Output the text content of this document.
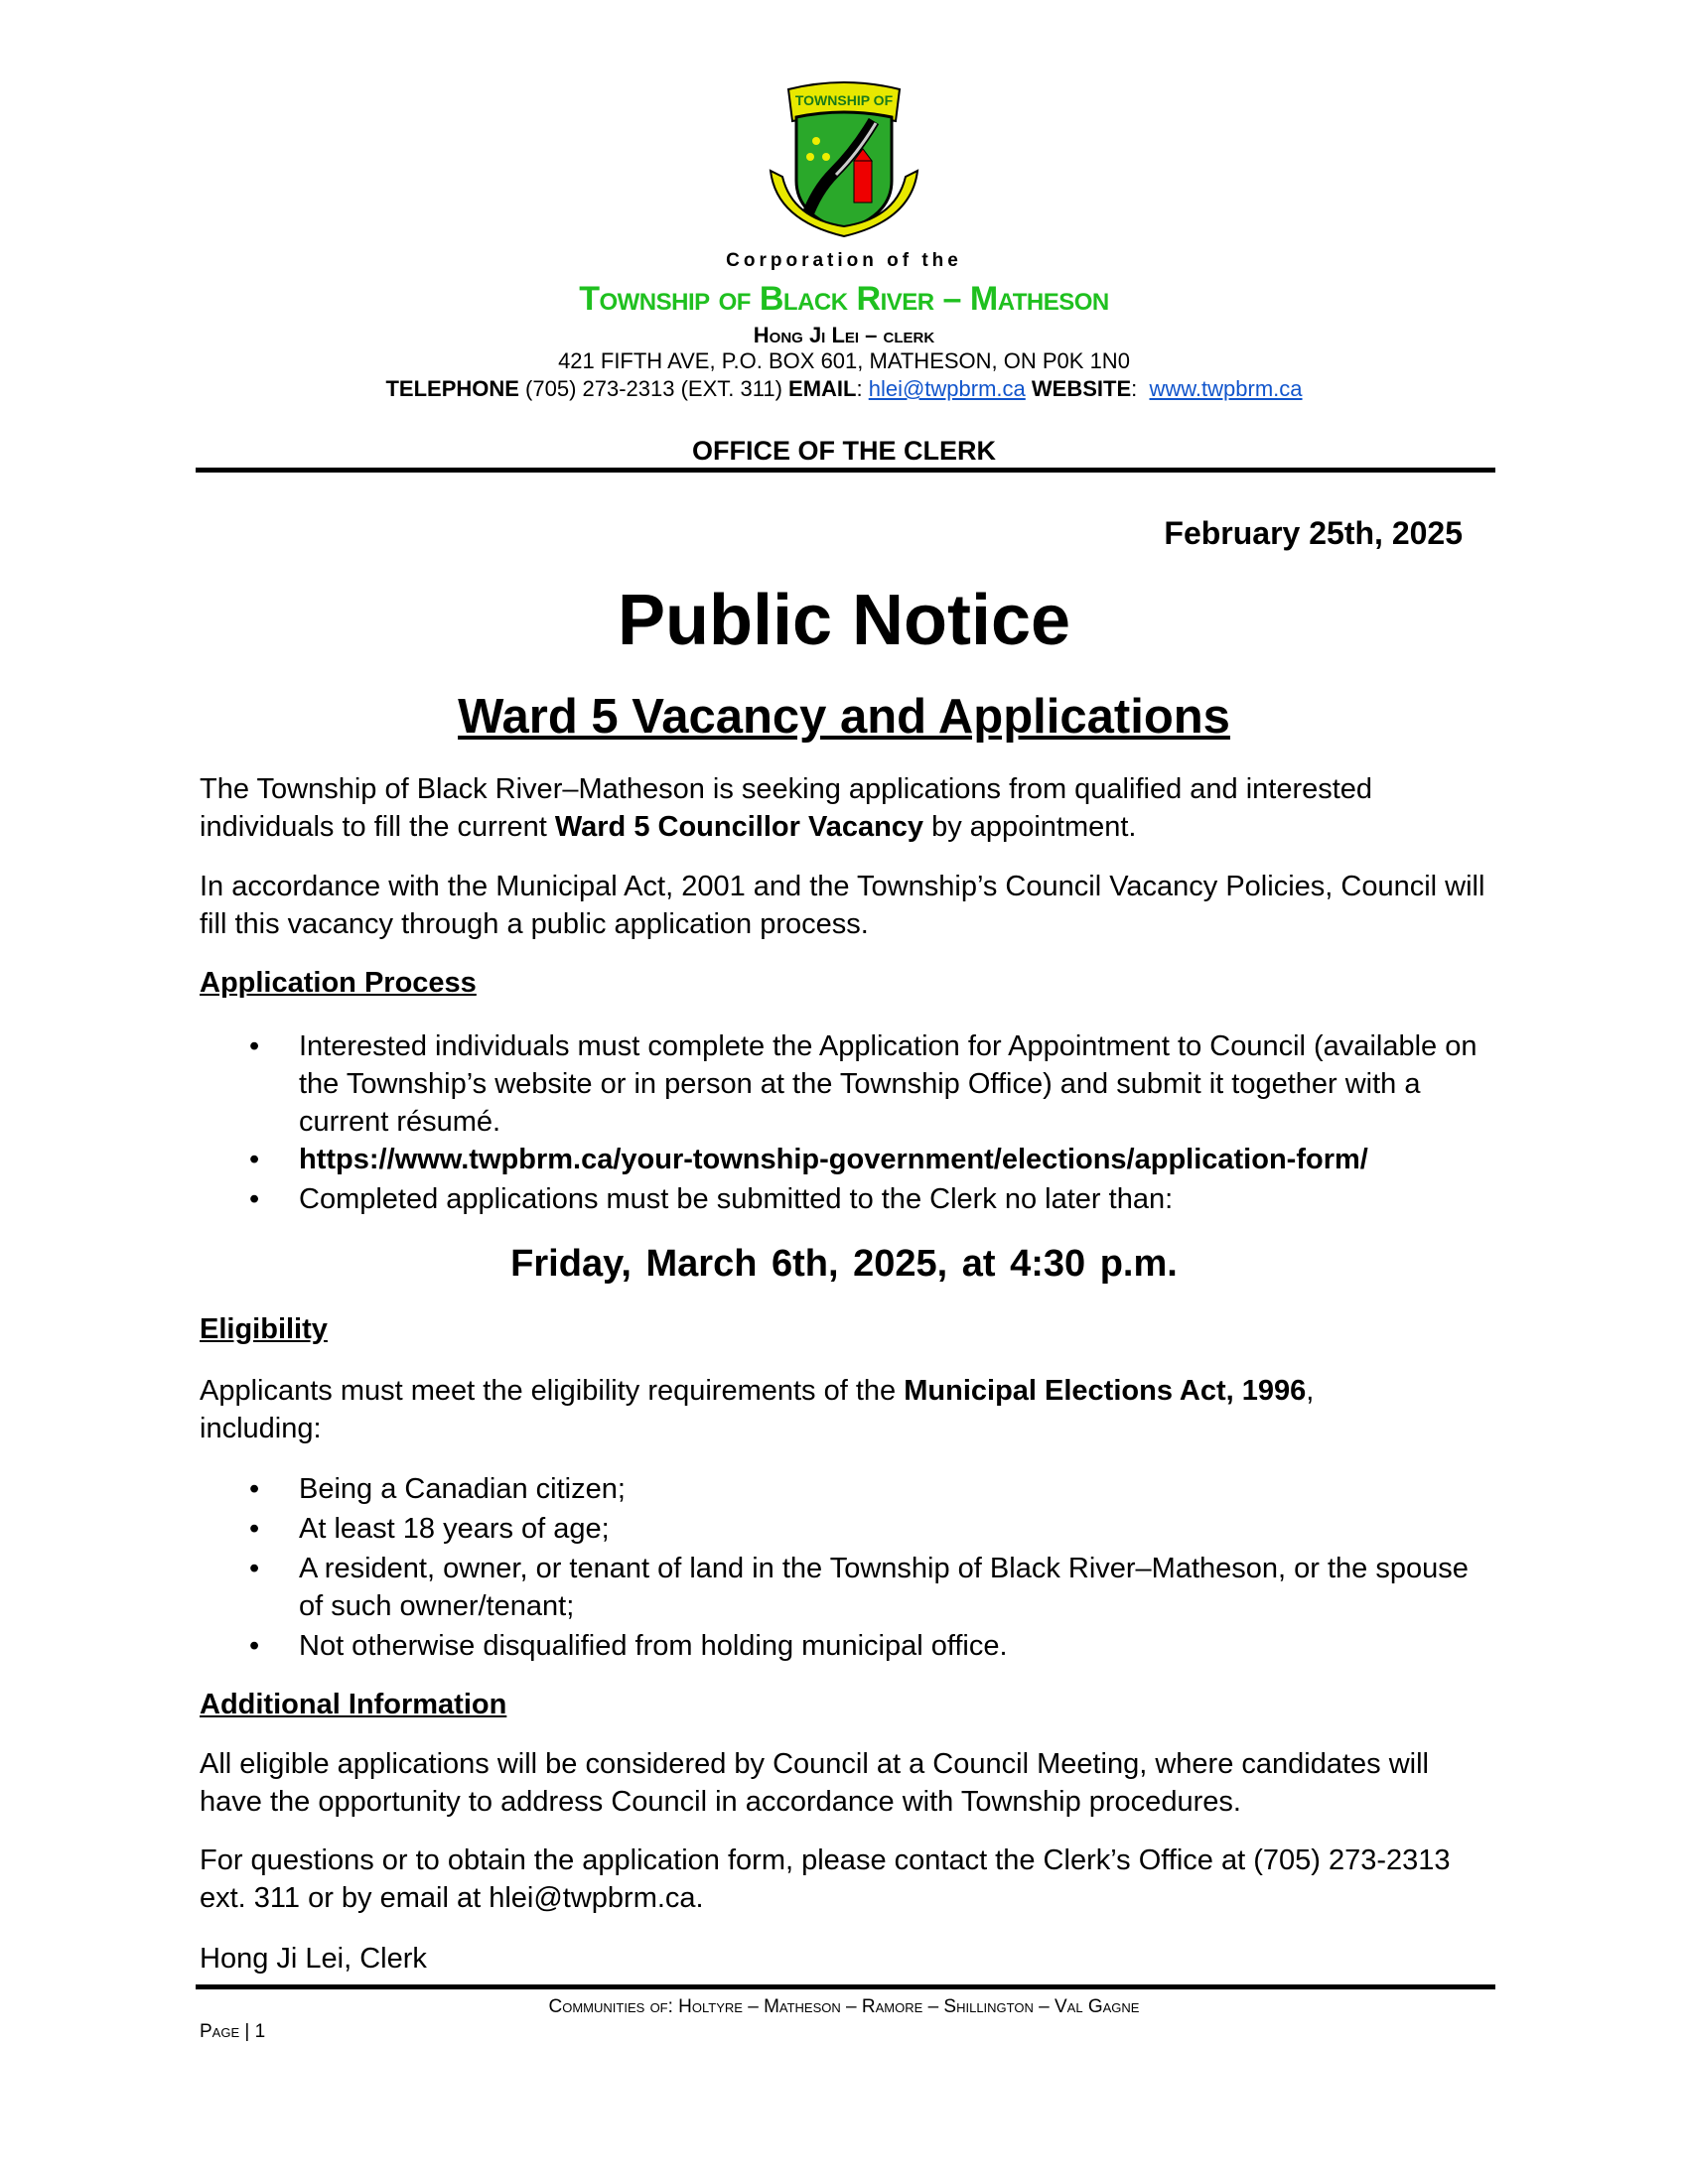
TOWNSHIP OF
Corporation of the
Township of Black River – Matheson
Hong Ji Lei – clerk
421 FIFTH AVE, P.O. BOX 601, MATHESON, ON P0K 1N0
TELEPHONE (705) 273-2313 (EXT. 311) EMAIL: hlei@twpbrm.ca WEBSITE:  www.twpbrm.ca
OFFICE OF THE CLERK
February 25th, 2025
Public Notice
Ward 5 Vacancy and Applications
The Township of Black River–Matheson is seeking applications from qualified and interested individuals to fill the current Ward 5 Councillor Vacancy by appointment.
In accordance with the Municipal Act, 2001 and the Township’s Council Vacancy Policies, Council will fill this vacancy through a public application process.
Application Process
• Interested individuals must complete the Application for Appointment to Council (available on the Township’s website or in person at the Township Office) and submit it together with a current résumé.
• https://www.twpbrm.ca/your-township-government/elections/application-form/
• Completed applications must be submitted to the Clerk no later than:
Friday, March 6th, 2025, at 4:30 p.m.
Eligibility
Applicants must meet the eligibility requirements of the Municipal Elections Act, 1996, including:
• Being a Canadian citizen;
• At least 18 years of age;
• A resident, owner, or tenant of land in the Township of Black River–Matheson, or the spouse of such owner/tenant;
• Not otherwise disqualified from holding municipal office.
Additional Information
All eligible applications will be considered by Council at a Council Meeting, where candidates will have the opportunity to address Council in accordance with Township procedures.
For questions or to obtain the application form, please contact the Clerk’s Office at (705) 273-2313 ext. 311 or by email at hlei@twpbrm.ca.
Hong Ji Lei, Clerk
Communities of: Holtyre – Matheson – Ramore – Shillington – Val Gagne
Page | 1
